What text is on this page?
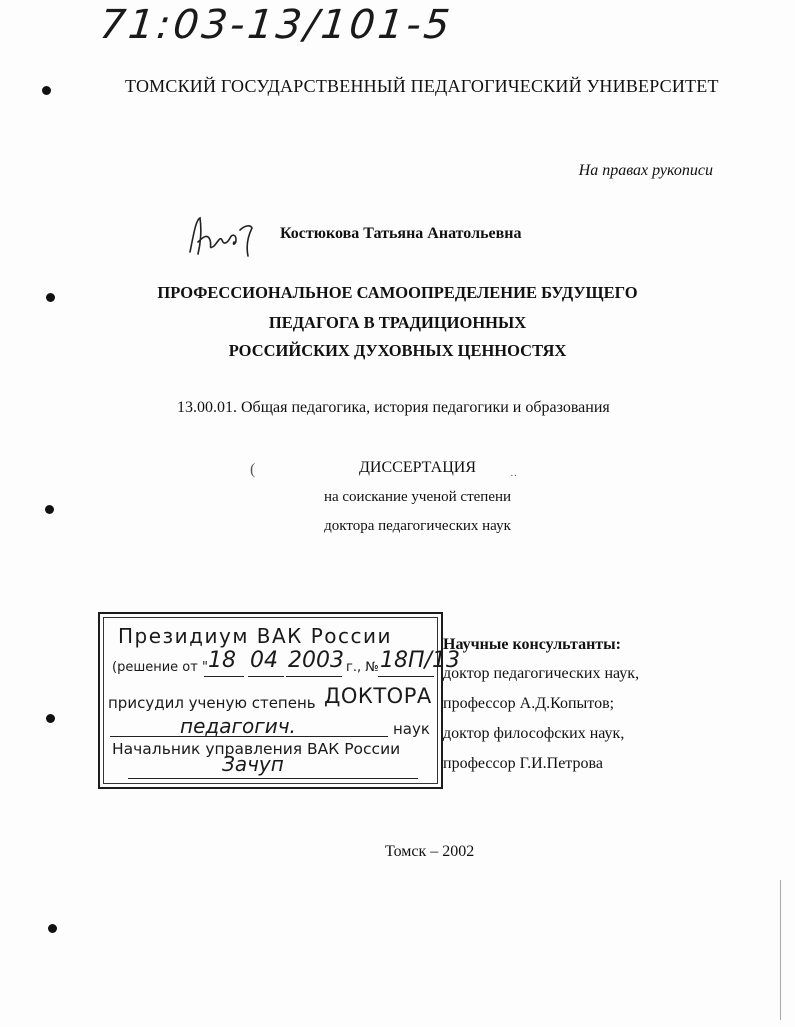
71:03-13/101-5
ТОМСКИЙ ГОСУДАРСТВЕННЫЙ ПЕДАГОГИЧЕСКИЙ УНИВЕРСИТЕТ
На правах рукописи
Костюкова Татьяна Анатольевна
ПРОФЕССИОНАЛЬНОЕ САМООПРЕДЕЛЕНИЕ БУДУЩЕГО
ПЕДАГОГА В ТРАДИЦИОННЫХ
РОССИЙСКИХ ДУХОВНЫХ ЦЕННОСТЯХ
13.00.01. Общая педагогика, история педагогики и образования
ДИССЕРТАЦИЯ
на соискание ученой степени
доктора педагогических наук
Президиум ВАК России
(решение от " 18 04 2003 г., № 18П/13
присудил ученую степень ДОКТОРА
педагогич.	наук
Начальник управления ВАК России
Зачуп
Научные консультанты:
доктор педагогических наук,
профессор А.Д.Копытов;
доктор философских наук,
профессор Г.И.Петрова
Томск – 2002
(	··
